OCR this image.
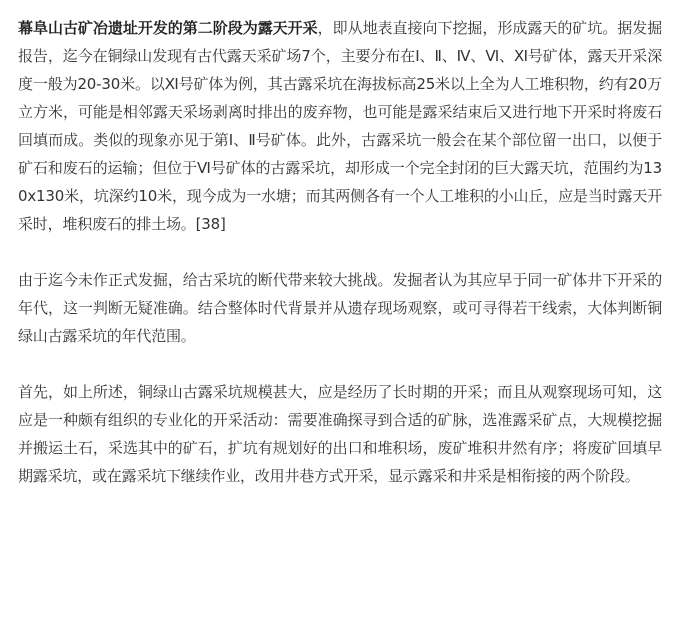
幕阜山古矿冶遗址开发的第二阶段为露天开采，即从地表直接向下挖掘，形成露天的矿坑。据发掘报告，迄今在铜绿山发现有古代露天采矿场7个，主要分布在Ⅰ、Ⅱ、Ⅳ、Ⅵ、Ⅺ号矿体，露天开采深度一般为20-30米。以Ⅺ号矿体为例，其古露采坑在海拔标高25米以上全为人工堆积物，约有20万立方米，可能是相邻露天采场剥离时排出的废弃物，也可能是露采结束后又进行地下开采时将废石回填而成。类似的现象亦见于第Ⅰ、Ⅱ号矿体。此外，古露采坑一般会在某个部位留一出口，以便于矿石和废石的运输；但位于Ⅵ号矿体的古露采坑，却形成一个完全封闭的巨大露天坑，范围约为130x130米，坑深约10米，现今成为一水塘；而其两侧各有一个人工堆积的小山丘，应是当时露天开采时，堆积废石的排土场。[38]

由于迄今未作正式发掘，给古采坑的断代带来较大挑战。发掘者认为其应早于同一矿体井下开采的年代，这一判断无疑准确。结合整体时代背景并从遗存现场观察，或可寻得若干线索，大体判断铜绿山古露采坑的年代范围。

首先，如上所述，铜绿山古露采坑规模甚大，应是经历了长时期的开采；而且从观察现场可知，这应是一种颇有组织的专业化的开采活动：需要准确探寻到合适的矿脉，选准露采矿点，大规模挖掘并搬运土石，采选其中的矿石，扩坑有规划好的出口和堆积场，废矿堆积井然有序；将废矿回填早期露采坑，或在露采坑下继续作业，改用井巷方式开采，显示露采和井采是相衔接的两个阶段。
